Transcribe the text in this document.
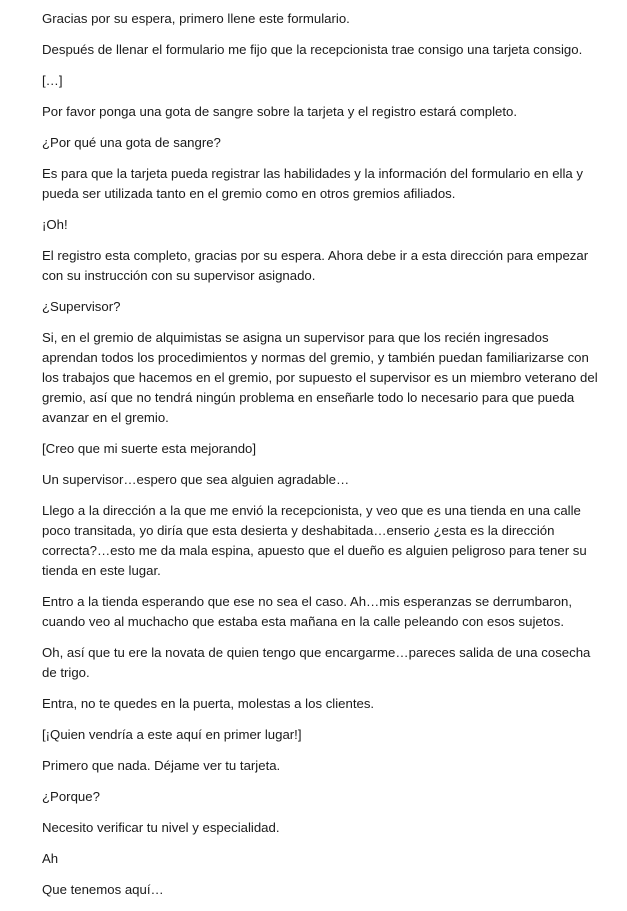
Gracias por su espera, primero llene este formulario.

Después de llenar el formulario me fijo que la recepcionista trae consigo una tarjeta consigo.

[…]

Por favor ponga una gota de sangre sobre la tarjeta y el registro estará completo.

¿Por qué una gota de sangre?

Es para que la tarjeta pueda registrar las habilidades y la información del formulario en ella y pueda ser utilizada tanto en el gremio como en otros gremios afiliados.

¡Oh!

El registro esta completo, gracias por su espera. Ahora debe ir a esta dirección para empezar con su instrucción con su supervisor asignado.

¿Supervisor?

Si, en el gremio de alquimistas se asigna un supervisor para que los recién ingresados aprendan todos los procedimientos y normas del gremio, y también puedan familiarizarse con los trabajos que hacemos en el gremio, por supuesto el supervisor es un miembro veterano del gremio, así que no tendrá ningún problema en enseñarle todo lo necesario para que pueda avanzar en el gremio.

[Creo que mi suerte esta mejorando]

Un supervisor…espero que sea alguien agradable…

Llego a la dirección a la que me envió la recepcionista, y veo que es una tienda en una calle poco transitada, yo diría que esta desierta y deshabitada…enserio ¿esta es la dirección correcta?…esto me da mala espina, apuesto que el dueño es alguien peligroso para tener su tienda en este lugar.

Entro a la tienda esperando que ese no sea el caso. Ah…mis esperanzas se derrumbaron, cuando veo al muchacho que estaba esta mañana en la calle peleando con esos sujetos.

Oh, así que tu ere la novata de quien tengo que encargarme…pareces salida de una cosecha de trigo.

Entra, no te quedes en la puerta, molestas a los clientes.

[¡Quien vendría a este aquí en primer lugar!]

Primero que nada. Déjame ver tu tarjeta.

¿Porque?

Necesito verificar tu nivel y especialidad.

Ah

Que tenemos aquí…
